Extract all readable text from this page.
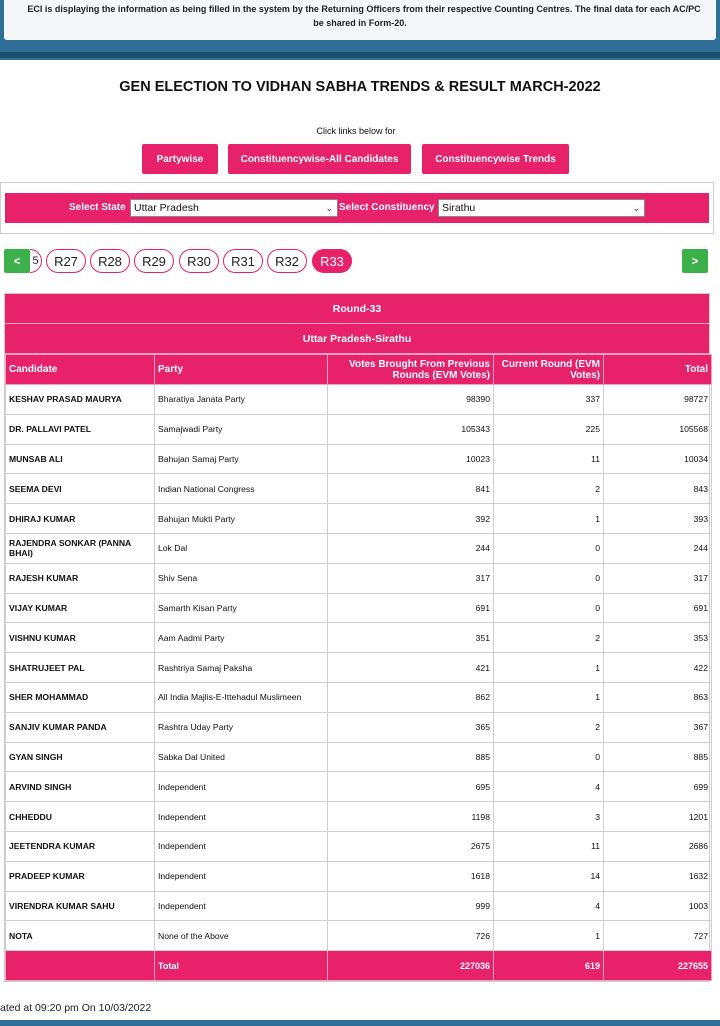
ECI is displaying the information as being filled in the system by the Returning Officers from their respective Counting Centres. The final data for each AC/PC
be shared in Form-20.
GEN ELECTION TO VIDHAN SABHA TRENDS & RESULT MARCH-2022
Click links below for
Partywise	Constituencywise-All Candidates	Constituencywise Trends
Select State Uttar Pradesh	⌄ Select Constituency Sirathu	⌄
<	5	R27	R28	R29	R30	R31	R32	R33	>
Round-33
Uttar Pradesh-Sirathu
Candidate	Party	Votes Brought From Previous Rounds (EVM Votes)	Current Round (EVM Votes)	Total
KESHAV PRASAD MAURYA	Bharatiya Janata Party	98390	337	98727
DR. PALLAVI PATEL	Samajwadi Party	105343	225	105568
MUNSAB ALI	Bahujan Samaj Party	10023	11	10034
SEEMA DEVI	Indian National Congress	841	2	843
DHIRAJ KUMAR	Bahujan Mukti Party	392	1	393
RAJENDRA SONKAR (PANNA BHAI)	Lok Dal	244	0	244
RAJESH KUMAR	Shiv Sena	317	0	317
VIJAY KUMAR	Samarth Kisan Party	691	0	691
VISHNU KUMAR	Aam Aadmi Party	351	2	353
SHATRUJEET PAL	Rashtriya Samaj Paksha	421	1	422
SHER MOHAMMAD	All India Majlis-E-Ittehadul Muslimeen	862	1	863
SANJIV KUMAR PANDA	Rashtra Uday Party	365	2	367
GYAN SINGH	Sabka Dal United	885	0	885
ARVIND SINGH	Independent	695	4	699
CHHEDDU	Independent	1198	3	1201
JEETENDRA KUMAR	Independent	2675	11	2686
PRADEEP KUMAR	Independent	1618	14	1632
VIRENDRA KUMAR SAHU	Independent	999	4	1003
NOTA	None of the Above	726	1	727
	Total	227036	619	227655
ated at 09:20 pm On 10/03/2022
